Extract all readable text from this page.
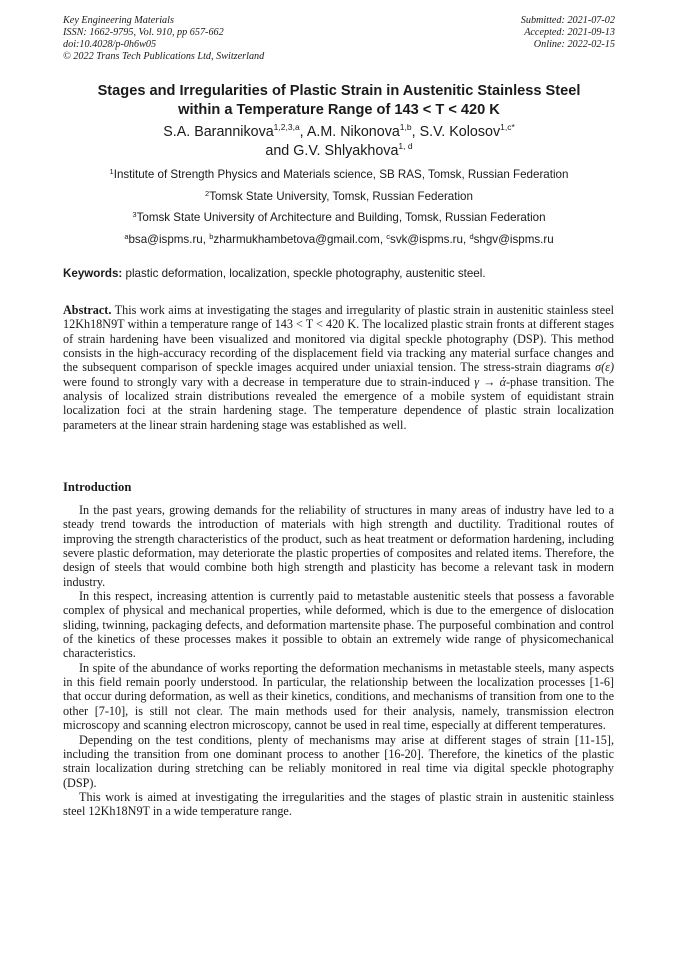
Key Engineering Materials
ISSN: 1662-9795, Vol. 910, pp 657-662
doi:10.4028/p-0h6w05
© 2022 Trans Tech Publications Ltd, Switzerland
Submitted: 2021-07-02
Accepted: 2021-09-13
Online: 2022-02-15
Stages and Irregularities of Plastic Strain in Austenitic Stainless Steel
within a Temperature Range of 143 < T < 420 K
S.A. Barannikova$^{1,2,3,a}$, A.M. Nikonova$^{1,b}$, S.V. Kolosov$^{1,c*}$
and G.V. Shlyakhova$^{1, d}$
$^1$Institute of Strength Physics and Materials science, SB RAS, Tomsk, Russian Federation
$^2$Tomsk State University, Tomsk, Russian Federation
$^3$Tomsk State University of Architecture and Building, Tomsk, Russian Federation
$^a$bsa@ispms.ru, $^b$zharmukhambetova@gmail.com, $^c$svk@ispms.ru, $^d$shgv@ispms.ru
Keywords: plastic deformation, localization, speckle photography, austenitic steel.

Abstract. This work aims at investigating the stages and irregularity of plastic strain in austenitic stainless steel 12Kh18N9T within a temperature range of 143 < T < 420 K. The localized plastic strain fronts at different stages of strain hardening have been visualized and monitored via digital speckle photography (DSP). This method consists in the high-accuracy recording of the displacement field via tracking any material surface changes and the subsequent comparison of speckle images acquired under uniaxial tension. The stress-strain diagrams σ(ε) were found to strongly vary with a decrease in temperature due to strain-induced γ → ά-phase transition. The analysis of localized strain distributions revealed the emergence of a mobile system of equidistant strain localization foci at the strain hardening stage. The temperature dependence of plastic strain localization parameters at the linear strain hardening stage was established as well.

Introduction

In the past years, growing demands for the reliability of structures in many areas of industry have led to a steady trend towards the introduction of materials with high strength and ductility. Traditional routes of improving the strength characteristics of the product, such as heat treatment or deformation hardening, including severe plastic deformation, may deteriorate the plastic properties of composites and related items. Therefore, the design of steels that would combine both high strength and plasticity has become a relevant task in modern industry.

In this respect, increasing attention is currently paid to metastable austenitic steels that possess a favorable complex of physical and mechanical properties, while deformed, which is due to the emergence of dislocation sliding, twinning, packaging defects, and deformation martensite phase. The purposeful combination and control of the kinetics of these processes makes it possible to obtain an extremely wide range of physicomechanical characteristics.

In spite of the abundance of works reporting the deformation mechanisms in metastable steels, many aspects in this field remain poorly understood. In particular, the relationship between the localization processes [1-6] that occur during deformation, as well as their kinetics, conditions, and mechanisms of transition from one to the other [7-10], is still not clear. The main methods used for their analysis, namely, transmission electron microscopy and scanning electron microscopy, cannot be used in real time, especially at different temperatures.

Depending on the test conditions, plenty of mechanisms may arise at different stages of strain [11-15], including the transition from one dominant process to another [16-20]. Therefore, the kinetics of the plastic strain localization during stretching can be reliably monitored in real time via digital speckle photography (DSP).

This work is aimed at investigating the irregularities and the stages of plastic strain in austenitic stainless steel 12Kh18N9T in a wide temperature range.
